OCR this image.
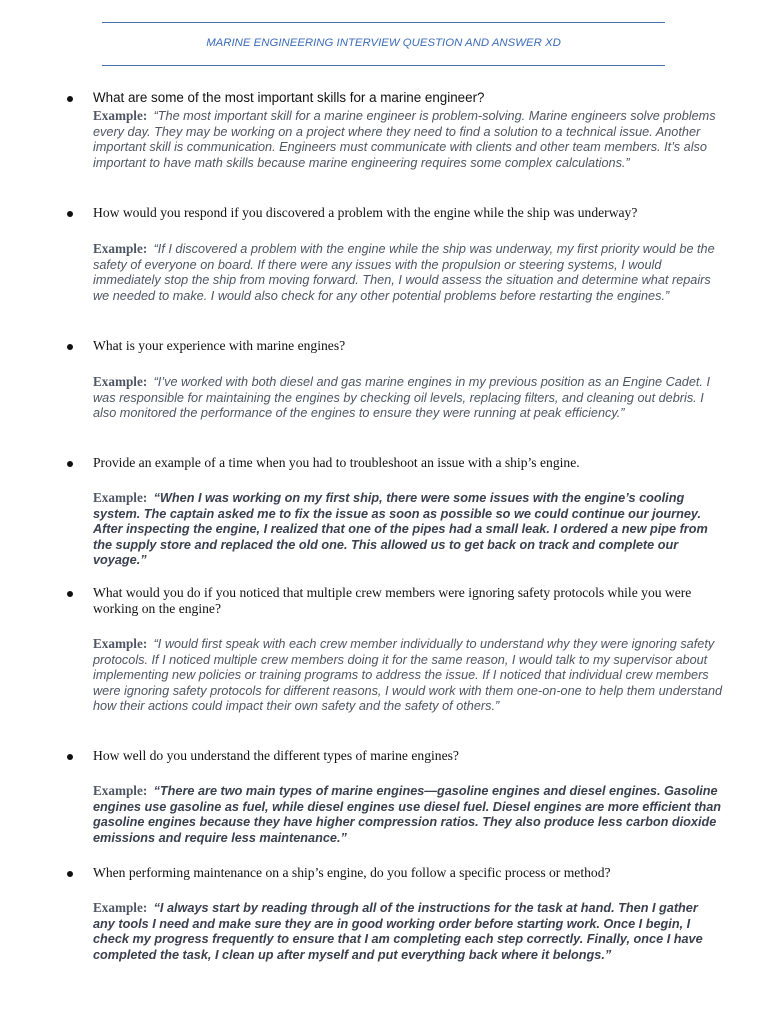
MARINE ENGINEERING INTERVIEW QUESTION AND ANSWER XD
What are some of the most important skills for a marine engineer?
Example: “The most important skill for a marine engineer is problem-solving. Marine engineers solve problems every day. They may be working on a project where they need to find a solution to a technical issue. Another important skill is communication. Engineers must communicate with clients and other team members. It’s also important to have math skills because marine engineering requires some complex calculations.”
How would you respond if you discovered a problem with the engine while the ship was underway?
Example: “If I discovered a problem with the engine while the ship was underway, my first priority would be the safety of everyone on board. If there were any issues with the propulsion or steering systems, I would immediately stop the ship from moving forward. Then, I would assess the situation and determine what repairs we needed to make. I would also check for any other potential problems before restarting the engines.”
What is your experience with marine engines?
Example: “I’ve worked with both diesel and gas marine engines in my previous position as an Engine Cadet. I was responsible for maintaining the engines by checking oil levels, replacing filters, and cleaning out debris. I also monitored the performance of the engines to ensure they were running at peak efficiency.”
Provide an example of a time when you had to troubleshoot an issue with a ship’s engine.
Example: “When I was working on my first ship, there were some issues with the engine’s cooling system. The captain asked me to fix the issue as soon as possible so we could continue our journey. After inspecting the engine, I realized that one of the pipes had a small leak. I ordered a new pipe from the supply store and replaced the old one. This allowed us to get back on track and complete our voyage.”
What would you do if you noticed that multiple crew members were ignoring safety protocols while you were working on the engine?
Example: “I would first speak with each crew member individually to understand why they were ignoring safety protocols. If I noticed multiple crew members doing it for the same reason, I would talk to my supervisor about implementing new policies or training programs to address the issue. If I noticed that individual crew members were ignoring safety protocols for different reasons, I would work with them one-on-one to help them understand how their actions could impact their own safety and the safety of others.”
How well do you understand the different types of marine engines?
Example: “There are two main types of marine engines—gasoline engines and diesel engines. Gasoline engines use gasoline as fuel, while diesel engines use diesel fuel. Diesel engines are more efficient than gasoline engines because they have higher compression ratios. They also produce less carbon dioxide emissions and require less maintenance.”
When performing maintenance on a ship’s engine, do you follow a specific process or method?
Example: “I always start by reading through all of the instructions for the task at hand. Then I gather any tools I need and make sure they are in good working order before starting work. Once I begin, I check my progress frequently to ensure that I am completing each step correctly. Finally, once I have completed the task, I clean up after myself and put everything back where it belongs.”
